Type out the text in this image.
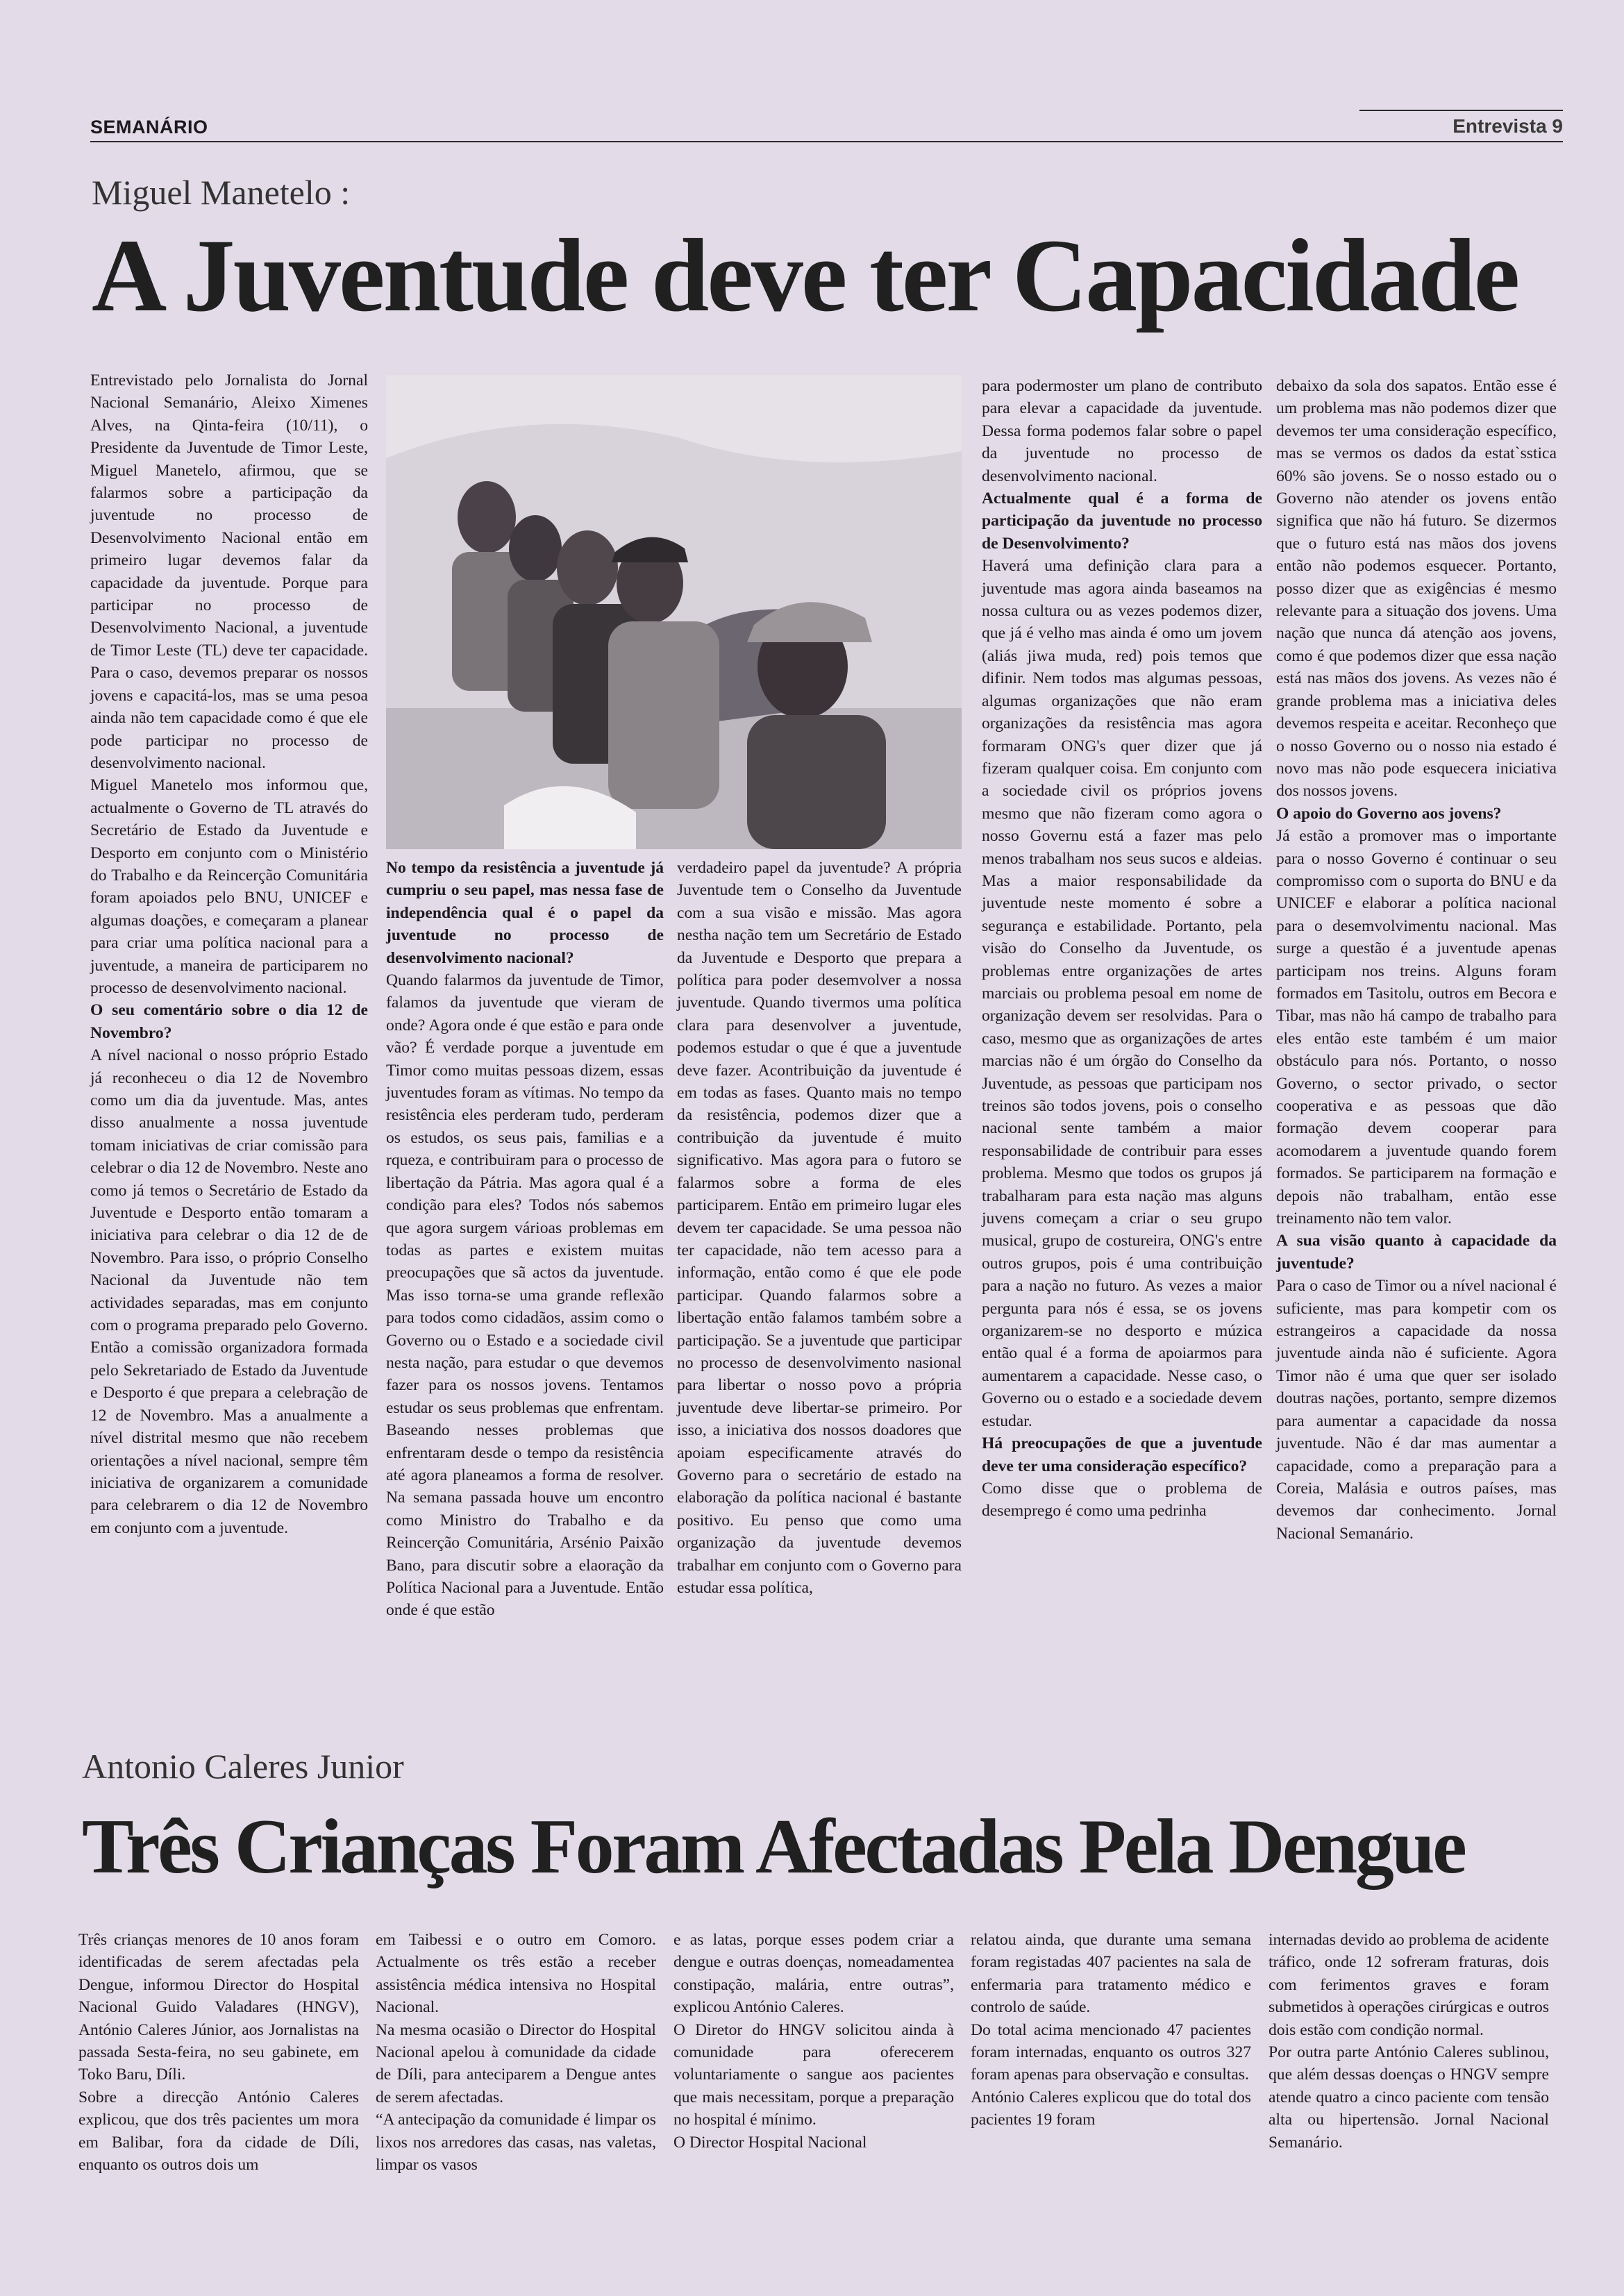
SEMANÁRIO	Entrevista 9
Miguel Manetelo :
A Juventude deve ter Capacidade

Entrevistado pelo Jornalista do Jornal Nacional Semanário, Aleixo Ximenes Alves, na Qinta-feira (10/11), o Presidente da Juventude de Timor Leste, Miguel Manetelo, afirmou, que se falarmos sobre a participação da juventude no processo de Desenvolvimento Nacional então em primeiro lugar devemos falar da capacidade da juventude. Porque para participar no processo de Desenvolvimento Nacional, a juventude de Timor Leste (TL) deve ter capacidade. Para o caso, devemos preparar os nossos jovens e capacitá-los, mas se uma pesoa ainda não tem capacidade como é que ele pode participar no processo de desenvolvimento nacional.

Miguel Manetelo mos informou que, actualmente o Governo de TL através do Secretário de Estado da Juventude e Desporto em conjunto com o Ministério do Trabalho e da Reincerção Comunitária foram apoiados pelo BNU, UNICEF e algumas doações, e começaram a planear para criar uma política nacional para a juventude, a maneira de participarem no processo de desenvolvimento nacional.

O seu comentário sobre o dia 12 de Novembro?

A nível nacional o nosso próprio Estado já reconheceu o dia 12 de Novembro como um dia da juventude. Mas, antes disso anualmente a nossa juventude tomam iniciativas de criar comissão para celebrar o dia 12 de Novembro. Neste ano como já temos o Secretário de Estado da Juventude e Desporto então tomaram a iniciativa para celebrar o dia 12 de de Novembro. Para isso, o próprio Conselho Nacional da Juventude não tem actividades separadas, mas em conjunto com o programa preparado pelo Governo. Então a comissão organizadora formada pelo Sekretariado de Estado da Juventude e Desporto é que prepara a celebração de 12 de Novembro. Mas a anualmente a nível distrital mesmo que não recebem orientações a nível nacional, sempre têm iniciativa de organizarem a comunidade para celebrarem o dia 12 de Novembro em conjunto com a juventude.

No tempo da resistência a juventude já cumpriu o seu papel, mas nessa fase de independência qual é o papel da juventude no processo de desenvolvimento nacional?

Quando falarmos da juventude de Timor, falamos da juventude que vieram de onde? Agora onde é que estão e para onde vão? É verdade porque a juventude em Timor como muitas pessoas dizem, essas juventudes foram as vítimas. No tempo da resistência eles perderam tudo, perderam os estudos, os seus pais, familias e a rqueza, e contribuiram para o processo de libertação da Pátria. Mas agora qual é a condição para eles? Todos nós sabemos que agora surgem várioas problemas em todas as partes e existem muitas preocupações que sã actos da juventude. Mas isso torna-se uma grande reflexão para todos como cidadãos, assim como o Governo ou o Estado e a sociedade civil nesta nação, para estudar o que devemos fazer para os nossos jovens. Tentamos estudar os seus problemas que enfrentam. Baseando nesses problemas que enfrentaram desde o tempo da resistência até agora planeamos a forma de resolver. Na semana passada houve um encontro como Ministro do Trabalho e da Reincerção Comunitária, Arsénio Paixão Bano, para discutir sobre a elaoração da Política Nacional para a Juventude. Então onde é que estão

verdadeiro papel da juventude? A própria Juventude tem o Conselho da Juventude com a sua visão e missão. Mas agora nestha nação tem um Secretário de Estado da Juventude e Desporto que prepara a política para poder desemvolver a nossa juventude. Quando tivermos uma política clara para desenvolver a juventude, podemos estudar o que é que a juventude deve fazer. Acontribuição da juventude é em todas as fases. Quanto mais no tempo da resistência, podemos dizer que a contribuição da juventude é muito significativo. Mas agora para o futoro se falarmos sobre a forma de eles participarem. Então em primeiro lugar eles devem ter capacidade. Se uma pessoa não ter capacidade, não tem acesso para a informação, então como é que ele pode participar. Quando falarmos sobre a libertação então falamos também sobre a participação. Se a juventude que participar no processo de desenvolvimento nasional para libertar o nosso povo a própria juventude deve libertar-se primeiro. Por isso, a iniciativa dos nossos doadores que apoiam especificamente através do Governo para o secretário de estado na elaboração da política nacional é bastante positivo. Eu penso que como uma organização da juventude devemos trabalhar em conjunto com o Governo para estudar essa política,

para podermoster um plano de contributo para elevar a capacidade da juventude. Dessa forma podemos falar sobre o papel da juventude no processo de desenvolvimento nacional.

Actualmente qual é a forma de participação da juventude no processo de Desenvolvimento?

Haverá uma definição clara para a juventude mas agora ainda baseamos na nossa cultura ou as vezes podemos dizer, que já é velho mas ainda é omo um jovem (aliás jiwa muda, red) pois temos que difinir. Nem todos mas algumas pessoas, algumas organizações que não eram organizações da resistência mas agora formaram ONG's quer dizer que já fizeram qualquer coisa. Em conjunto com a sociedade civil os próprios jovens mesmo que não fizeram como agora o nosso Governu está a fazer mas pelo menos trabalham nos seus sucos e aldeias. Mas a maior responsabilidade da juventude neste momento é sobre a segurança e estabilidade. Portanto, pela visão do Conselho da Juventude, os problemas entre organizações de artes marciais ou problema pesoal em nome de organização devem ser resolvidas. Para o caso, mesmo que as organizações de artes marcias não é um órgão do Conselho da Juventude, as pessoas que participam nos treinos são todos jovens, pois o conselho nacional sente também a maior responsabilidade de contribuir para esses problema. Mesmo que todos os grupos já trabalharam para esta nação mas alguns juvens começam a criar o seu grupo musical, grupo de costureira, ONG's entre outros grupos, pois é uma contribuição para a nação no futuro. As vezes a maior pergunta para nós é essa, se os jovens organizarem-se no desporto e múzica então qual é a forma de apoiarmos para aumentarem a capacidade. Nesse caso, o Governo ou o estado e a sociedade devem estudar.

Há preocupações de que a juventude deve ter uma consideração específico?

Como disse que o problema de desemprego é como uma pedrinha

debaixo da sola dos sapatos. Então esse é um problema mas não podemos dizer que devemos ter uma consideração específico, mas se vermos os dados da estat`sstica 60% são jovens. Se o nosso estado ou o Governo não atender os jovens então significa que não há futuro. Se dizermos que o futuro está nas mãos dos jovens então não podemos esquecer. Portanto, posso dizer que as exigências é mesmo relevante para a situação dos jovens. Uma nação que nunca dá atenção aos jovens, como é que podemos dizer que essa nação está nas mãos dos jovens. As vezes não é grande problema mas a iniciativa deles devemos respeita e aceitar. Reconheço que o nosso Governo ou o nosso nia estado é novo mas não pode esquecera iniciativa dos nossos jovens.

O apoio do Governo aos jovens?

Já estão a promover mas o importante para o nosso Governo é continuar o seu compromisso com o suporta do BNU e da UNICEF e elaborar a política nacional para o desemvolvimentu nacional. Mas surge a questão é a juventude apenas participam nos treins. Alguns foram formados em Tasitolu, outros em Becora e Tibar, mas não há campo de trabalho para eles então este também é um maior obstáculo para nós. Portanto, o nosso Governo, o sector privado, o sector cooperativa e as pessoas que dão formação devem cooperar para acomodarem a juventude quando forem formados. Se participarem na formação e depois não trabalham, então esse treinamento não tem valor.

A sua visão quanto à capacidade da juventude?

Para o caso de Timor ou a nível nacional é suficiente, mas para kompetir com os estrangeiros a capacidade da nossa juventude ainda não é suficiente. Agora Timor não é uma que quer ser isolado doutras nações, portanto, sempre dizemos para aumentar a capacidade da nossa juventude. Não é dar mas aumentar a capacidade, como a preparação para a Coreia, Malásia e outros países, mas devemos dar conhecimento. Jornal Nacional Semanário.

Antonio Caleres Junior
Três Crianças Foram Afectadas Pela Dengue

Três crianças menores de 10 anos foram identificadas de serem afectadas pela Dengue, informou Director do Hospital Nacional Guido Valadares (HNGV), António Caleres Júnior, aos Jornalistas na passada Sesta-feira, no seu gabinete, em Toko Baru, Díli.

Sobre a direcção António Caleres explicou, que dos três pacientes um mora em Balibar, fora da cidade de Díli, enquanto os outros dois um

em Taibessi e o outro em Comoro. Actualmente os três estão a receber assistência médica intensiva no Hospital Nacional.

Na mesma ocasião o Director do Hospital Nacional apelou à comunidade da cidade de Díli, para anteciparem a Dengue antes de serem afectadas.

“A antecipação da comunidade é limpar os lixos nos arredores das casas, nas valetas, limpar os vasos

e as latas, porque esses podem criar a dengue e outras doenças, nomeadamentea constipação, malária, entre outras”, explicou António Caleres.

O Diretor do HNGV solicitou ainda à comunidade para oferecerem voluntariamente o sangue aos pacientes que mais necessitam, porque a preparação no hospital é mínimo.

O Director Hospital Nacional

relatou ainda, que durante uma semana foram registadas 407 pacientes na sala de enfermaria para tratamento médico e controlo de saúde.

Do total acima mencionado 47 pacientes foram internadas, enquanto os outros 327 foram apenas para observação e consultas.

António Caleres explicou que do total dos pacientes 19 foram

internadas devido ao problema de acidente tráfico, onde 12 sofreram fraturas, dois com ferimentos graves e foram submetidos à operações cirúrgicas e outros dois estão com condição normal.

Por outra parte António Caleres sublinou, que além dessas doenças o HNGV sempre atende quatro a cinco paciente com tensão alta ou hipertensão. Jornal Nacional Semanário.
